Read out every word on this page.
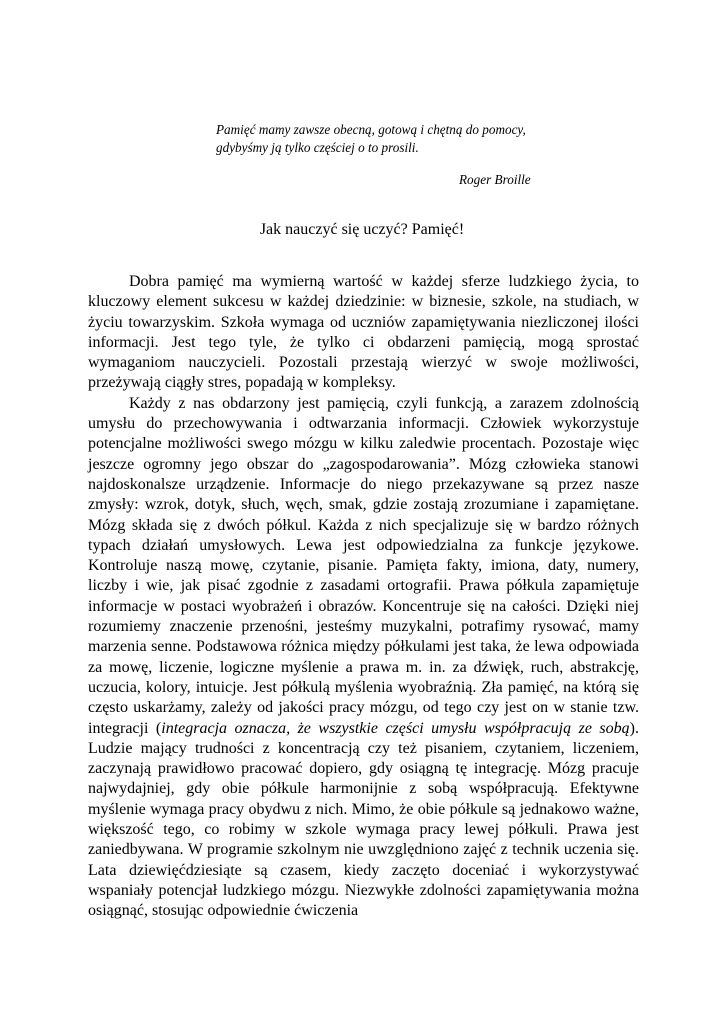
Pamięć mamy zawsze obecną, gotową i chętną do pomocy,
gdybyśmy ją tylko częściej o to prosili.
Roger Broille
Jak nauczyć się uczyć? Pamięć!

Dobra pamięć ma wymierną wartość w każdej sferze ludzkiego życia, to kluczowy element sukcesu w każdej dziedzinie: w biznesie, szkole, na studiach, w życiu towarzyskim. Szkoła wymaga od uczniów zapamiętywania niezliczonej ilości informacji. Jest tego tyle, że tylko ci obdarzeni pamięcią, mogą sprostać wymaganiom nauczycieli. Pozostali przestają wierzyć w swoje możliwości, przeżywają ciągły stres, popadają w kompleksy.

Każdy z nas obdarzony jest pamięcią, czyli funkcją, a zarazem zdolnością umysłu do przechowywania i odtwarzania informacji. Człowiek wykorzystuje potencjalne możliwości swego mózgu w kilku zaledwie procentach. Pozostaje więc jeszcze ogromny jego obszar do „zagospodarowania”. Mózg człowieka stanowi najdoskonalsze urządzenie. Informacje do niego przekazywane są przez nasze zmysły: wzrok, dotyk, słuch, węch, smak, gdzie zostają zrozumiane i zapamiętane. Mózg składa się z dwóch półkul. Każda z nich specjalizuje się w bardzo różnych typach działań umysłowych. Lewa jest odpowiedzialna za funkcje językowe. Kontroluje naszą mowę, czytanie, pisanie. Pamięta fakty, imiona, daty, numery, liczby i wie, jak pisać zgodnie z zasadami ortografii. Prawa półkula zapamiętuje informacje w postaci wyobrażeń i obrazów. Koncentruje się na całości. Dzięki niej rozumiemy znaczenie przenośni, jesteśmy muzykalni, potrafimy rysować, mamy marzenia senne. Podstawowa różnica między półkulami jest taka, że lewa odpowiada za mowę, liczenie, logiczne myślenie a prawa m. in. za dźwięk, ruch, abstrakcję, uczucia, kolory, intuicje. Jest półkulą myślenia wyobraźnią. Zła pamięć, na którą się często uskarżamy, zależy od jakości pracy mózgu, od tego czy jest on w stanie tzw. integracji (integracja oznacza, że wszystkie części umysłu współpracują ze sobą). Ludzie mający trudności z koncentracją czy też pisaniem, czytaniem, liczeniem, zaczynają prawidłowo pracować dopiero, gdy osiągną tę integrację. Mózg pracuje najwydajniej, gdy obie półkule harmonijnie z sobą współpracują. Efektywne myślenie wymaga pracy obydwu z nich. Mimo, że obie półkule są jednakowo ważne, większość tego, co robimy w szkole wymaga pracy lewej półkuli. Prawa jest zaniedbywana. W programie szkolnym nie uwzględniono zajęć z technik uczenia się. Lata dziewięćdziesiąte są czasem, kiedy zaczęto doceniać i wykorzystywać wspaniały potencjał ludzkiego mózgu. Niezwykłe zdolności zapamiętywania można osiągnąć, stosując odpowiednie ćwiczenia
